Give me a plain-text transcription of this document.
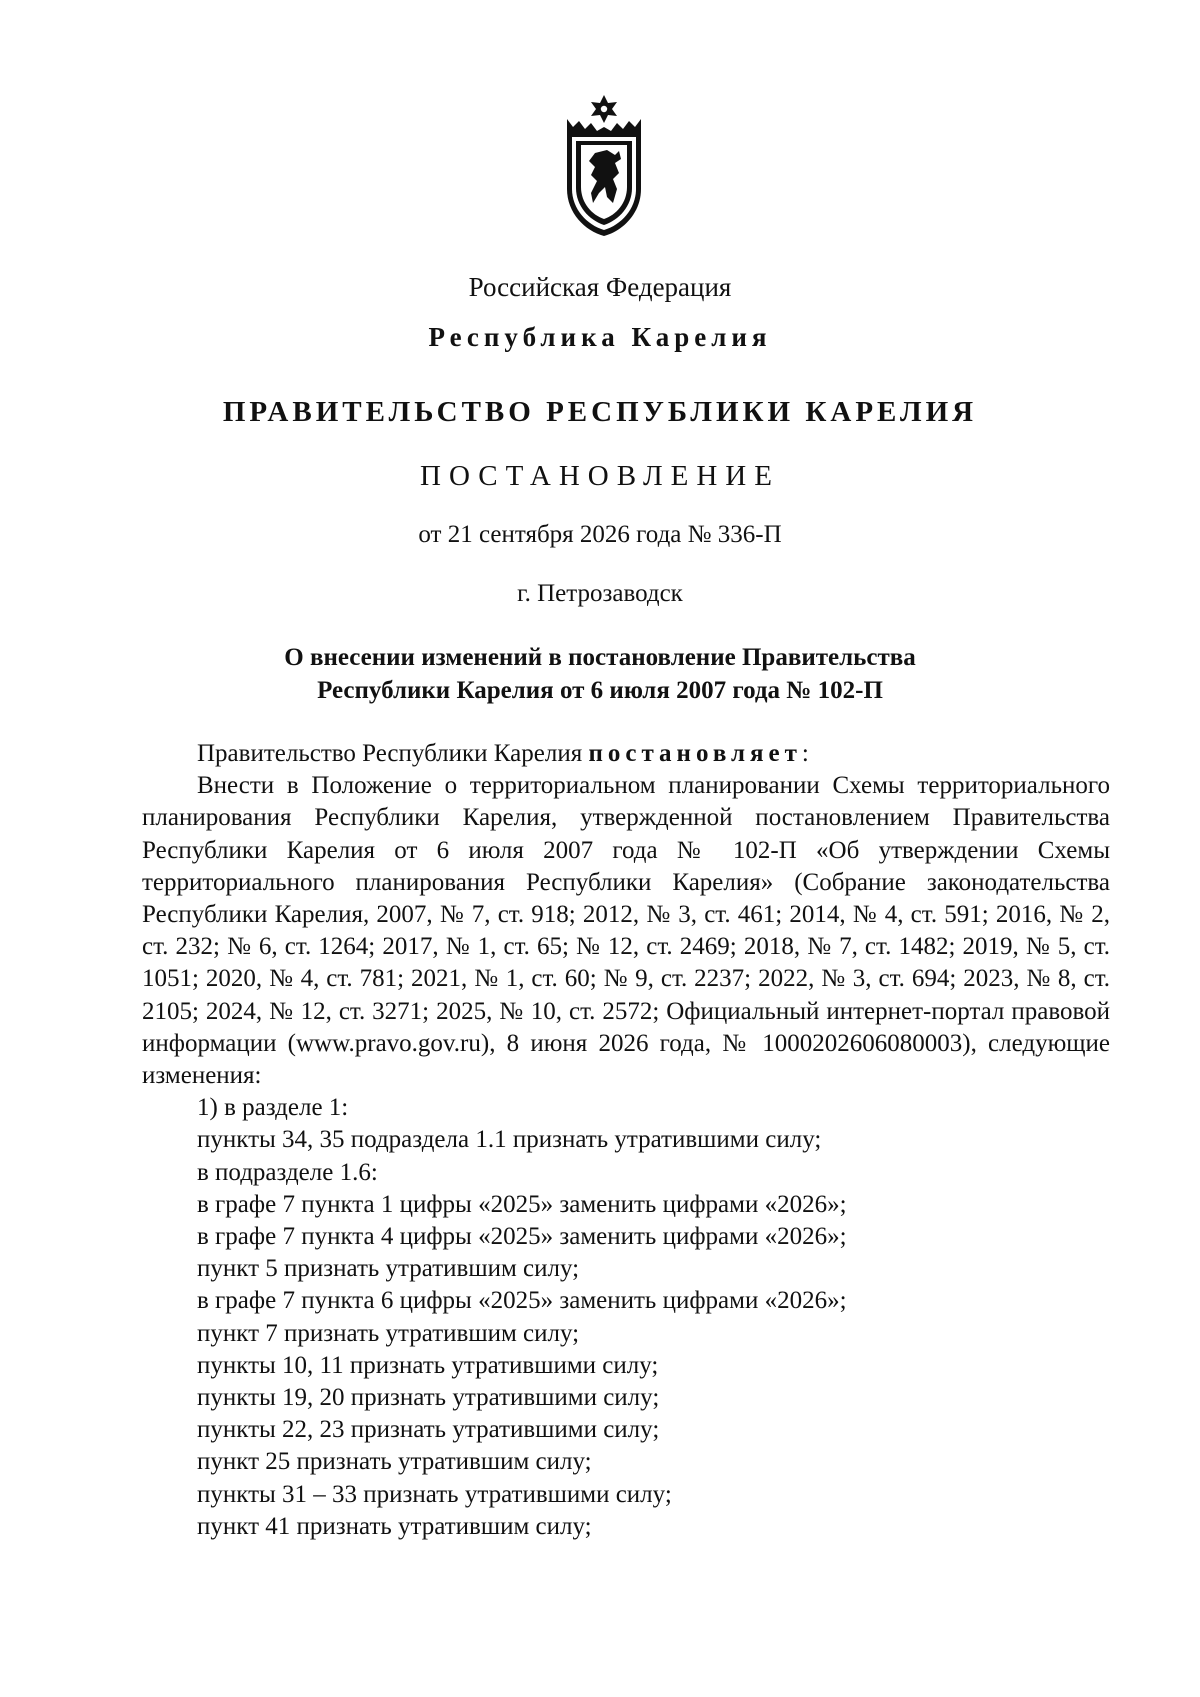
Российская Федерация
Республика Карелия
ПРАВИТЕЛЬСТВО РЕСПУБЛИКИ КАРЕЛИЯ
ПОСТАНОВЛЕНИЕ
от 21 сентября 2026 года № 336-П
г. Петрозаводск
О внесении изменений в постановление Правительства
Республики Карелия от 6 июля 2007 года № 102-П

Правительство Республики Карелия постановляет:

Внести в Положение о территориальном планировании Схемы территориального планирования Республики Карелия, утвержденной постановлением Правительства Республики Карелия от 6 июля 2007 года № 102-П «Об утверждении Схемы территориального планирования Республики Карелия» (Собрание законодательства Республики Карелия, 2007, № 7, ст. 918; 2012, № 3, ст. 461; 2014, № 4, ст. 591; 2016, № 2, ст. 232; № 6, ст. 1264; 2017, № 1, ст. 65; № 12, ст. 2469; 2018, № 7, ст. 1482; 2019, № 5, ст. 1051; 2020, № 4, ст. 781; 2021, № 1, ст. 60; № 9, ст. 2237; 2022, № 3, ст. 694; 2023, № 8, ст. 2105; 2024, № 12, ст. 3271; 2025, № 10, ст. 2572; Официальный интернет-портал правовой информации (www.pravo.gov.ru), 8 июня 2026 года, № 1000202606080003), следующие изменения:

1) в разделе 1:

пункты 34, 35 подраздела 1.1 признать утратившими силу;

в подразделе 1.6:

в графе 7 пункта 1 цифры «2025» заменить цифрами «2026»;

в графе 7 пункта 4 цифры «2025» заменить цифрами «2026»;

пункт 5 признать утратившим силу;

в графе 7 пункта 6 цифры «2025» заменить цифрами «2026»;

пункт 7 признать утратившим силу;

пункты 10, 11 признать утратившими силу;

пункты 19, 20 признать утратившими силу;

пункты 22, 23 признать утратившими силу;

пункт 25 признать утратившим силу;

пункты 31 – 33 признать утратившими силу;

пункт 41 признать утратившим силу;
